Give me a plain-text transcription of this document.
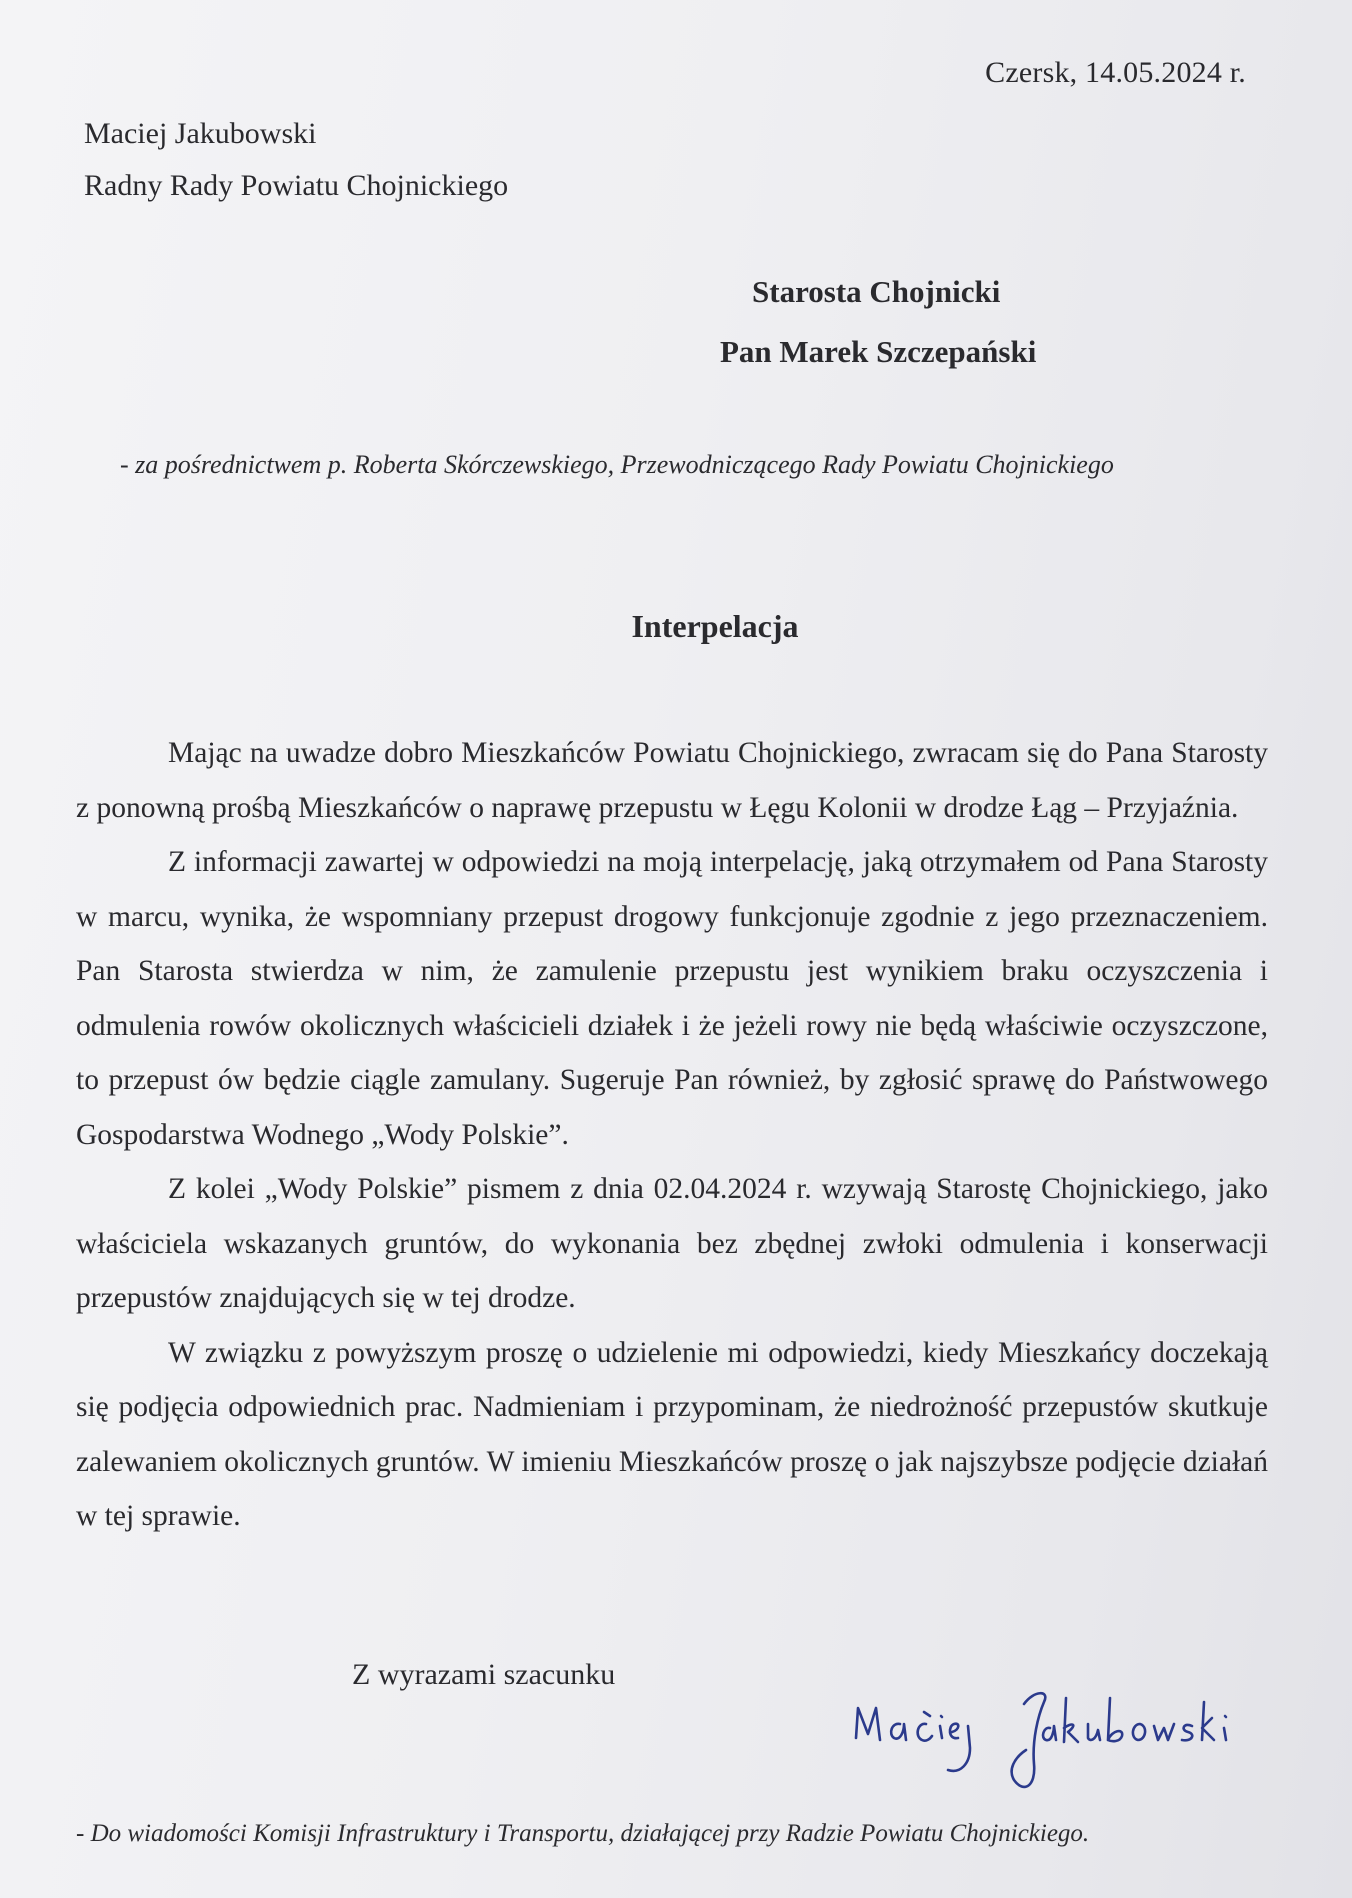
Czersk, 14.05.2024 r.
Maciej Jakubowski
Radny Rady Powiatu Chojnickiego
Starosta Chojnicki
Pan Marek Szczepański
- za pośrednictwem p. Roberta Skórczewskiego, Przewodniczącego Rady Powiatu Chojnickiego
Interpelacja

Mając na uwadze dobro Mieszkańców Powiatu Chojnickiego, zwracam się do Pana Starosty z ponowną prośbą Mieszkańców o naprawę przepustu w Łęgu Kolonii w drodze Łąg – Przyjaźnia.

Z informacji zawartej w odpowiedzi na moją interpelację, jaką otrzymałem od Pana Starosty w marcu, wynika, że wspomniany przepust drogowy funkcjonuje zgodnie z jego przeznaczeniem. Pan Starosta stwierdza w nim, że zamulenie przepustu jest wynikiem braku oczyszczenia i odmulenia rowów okolicznych właścicieli działek i że jeżeli rowy nie będą właściwie oczyszczone, to przepust ów będzie ciągle zamulany. Sugeruje Pan również, by zgłosić sprawę do Państwowego Gospodarstwa Wodnego „Wody Polskie”.

Z kolei „Wody Polskie” pismem z dnia 02.04.2024 r. wzywają Starostę Chojnickiego, jako właściciela wskazanych gruntów, do wykonania bez zbędnej zwłoki odmulenia i konserwacji przepustów znajdujących się w tej drodze.

W związku z powyższym proszę o udzielenie mi odpowiedzi, kiedy Mieszkańcy doczekają się podjęcia odpowiednich prac. Nadmieniam i przypominam, że niedrożność przepustów skutkuje zalewaniem okolicznych gruntów. W imieniu Mieszkańców proszę o jak najszybsze podjęcie działań w tej sprawie.

Z wyrazami szacunku
- Do wiadomości Komisji Infrastruktury i Transportu, działającej przy Radzie Powiatu Chojnickiego.
